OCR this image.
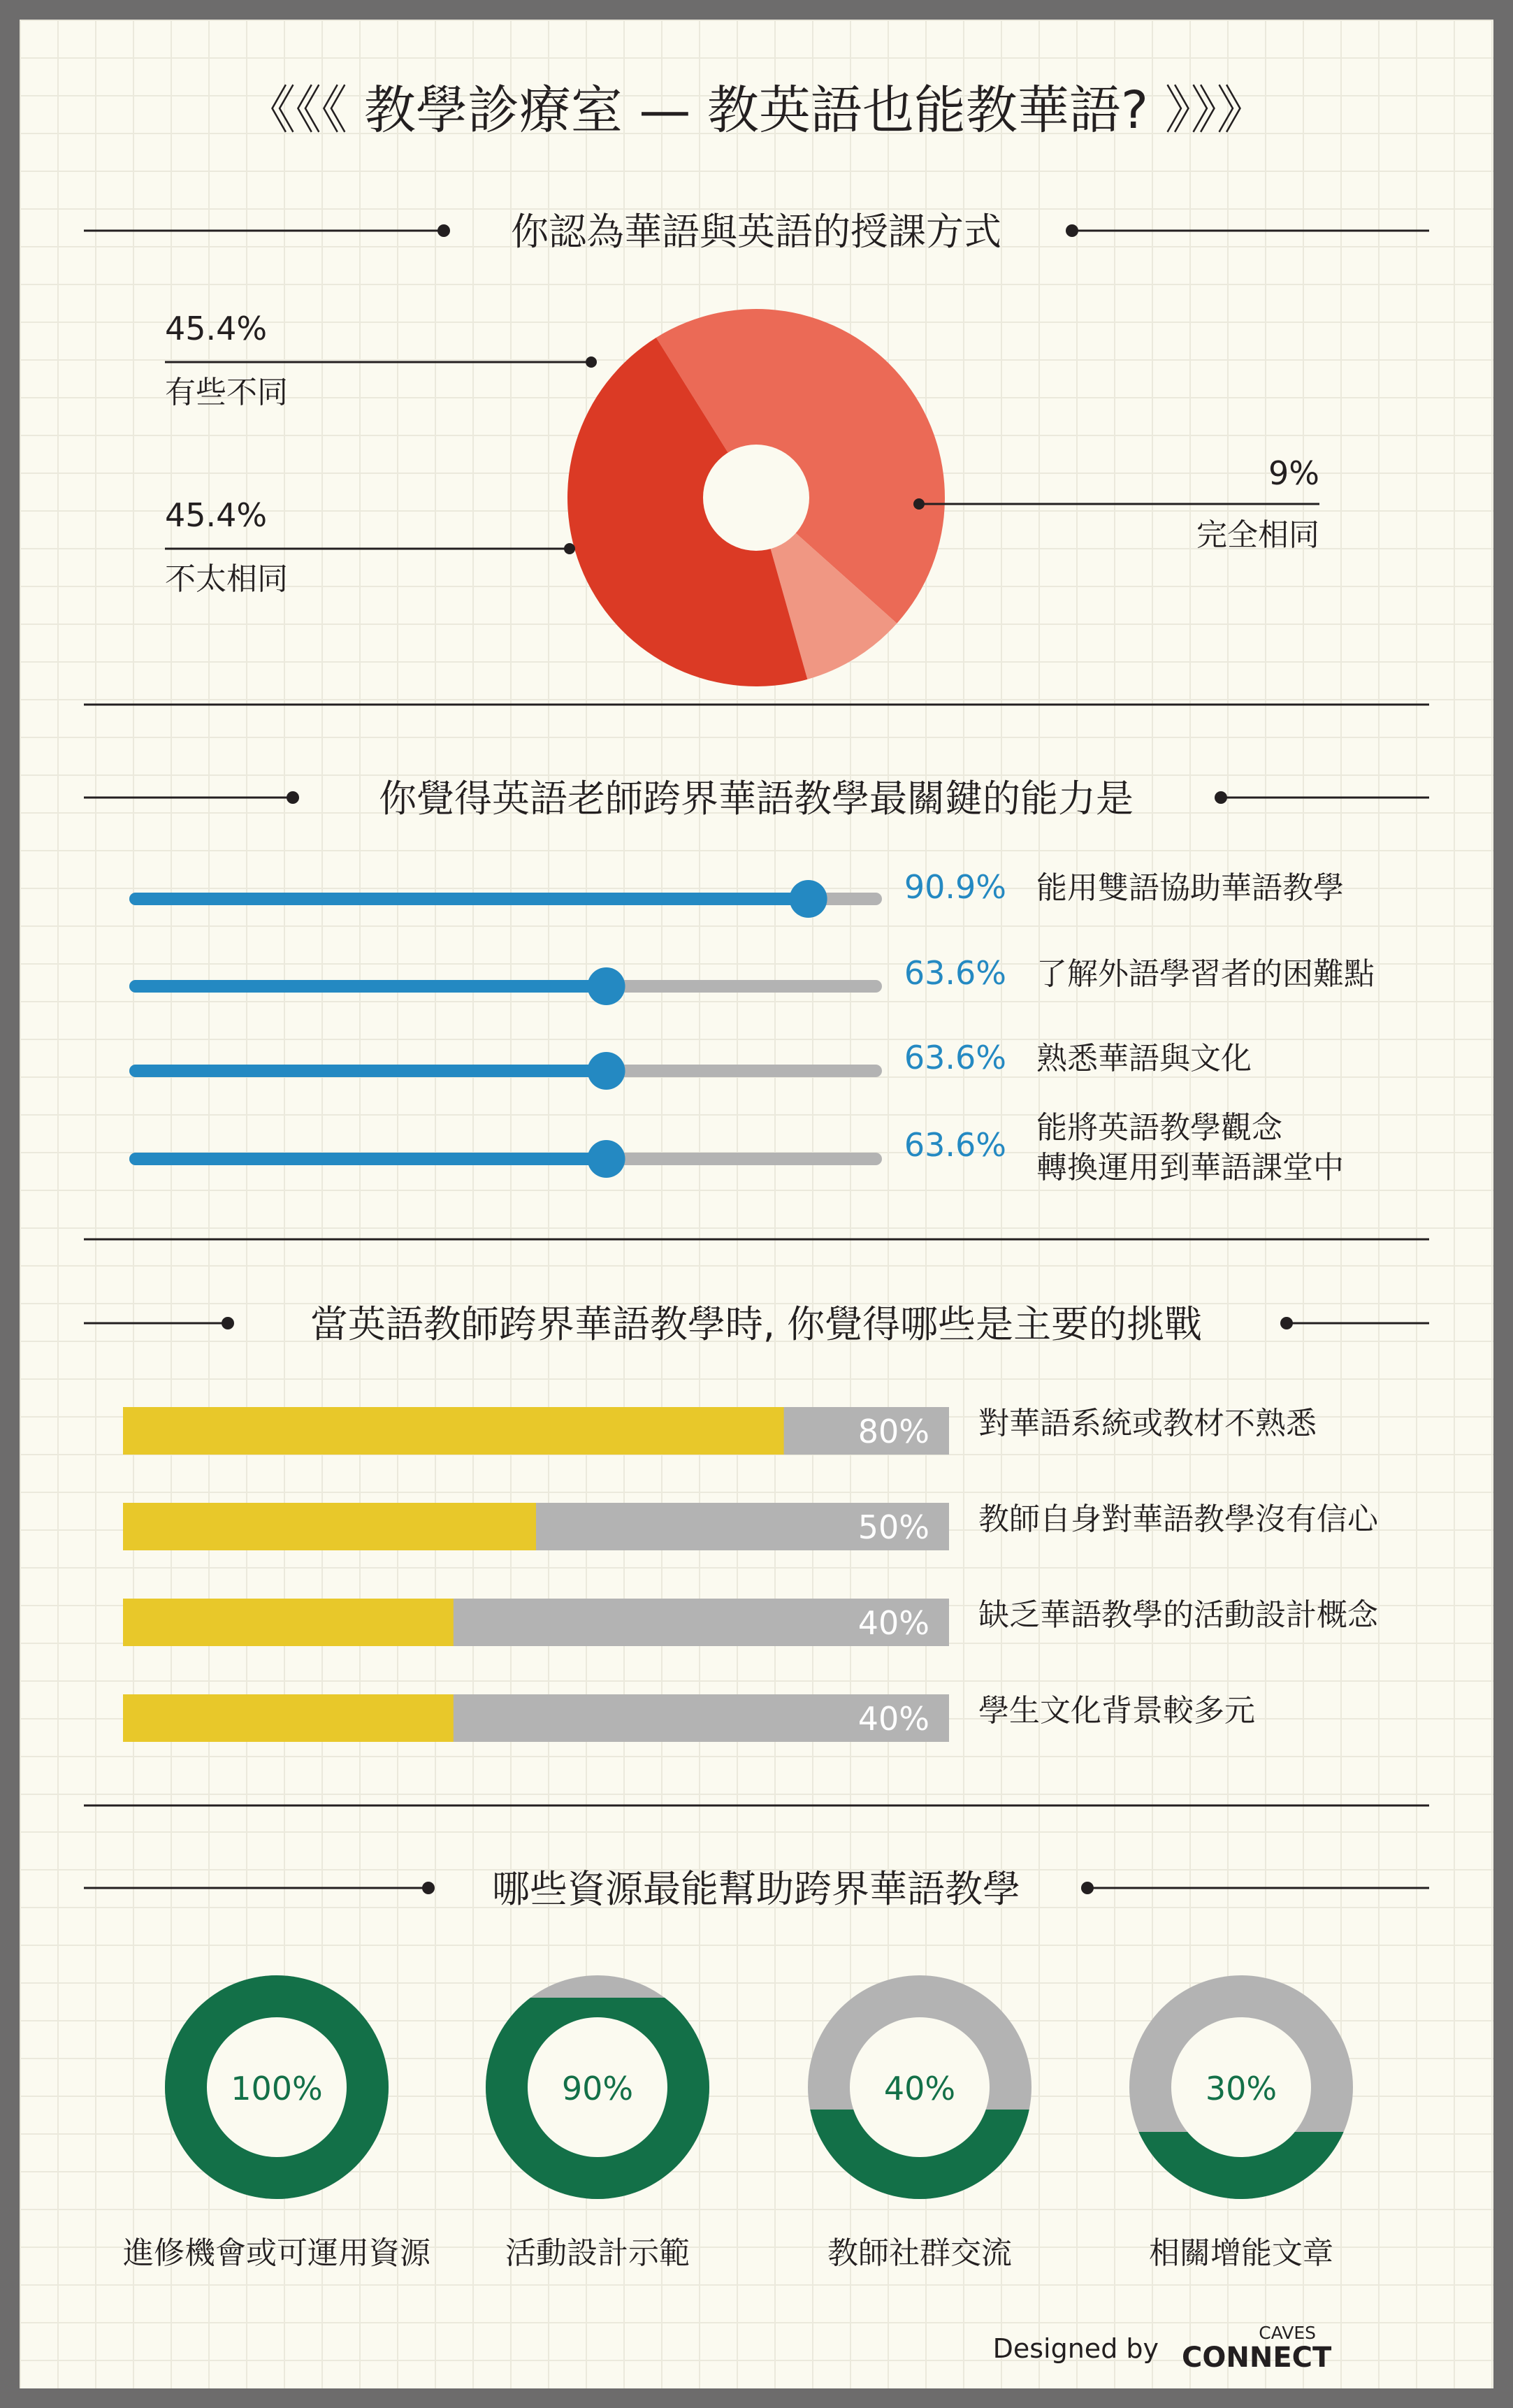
《《《 教學診療室 — 教英語也能教華語? 》》》
你認為華語與英語的授課方式
45.4%
有些不同
45.4%
不太相同
9%
完全相同
你覺得英語老師跨界華語教學最關鍵的能力是
90.9% 能用雙語協助華語教學
63.6% 了解外語學習者的困難點
63.6% 熟悉華語與文化
63.6% 能將英語教學觀念
轉換運用到華語課堂中
當英語教師跨界華語教學時, 你覺得哪些是主要的挑戰
80%
50%
40%
40%
對華語系統或教材不熟悉
教師自身對華語教學沒有信心
缺乏華語教學的活動設計概念
學生文化背景較多元
哪些資源最能幫助跨界華語教學
100%
進修機會或可運用資源
90%
活動設計示範
40%
教師社群交流
30%
相關增能文章
Designed by
CAVES
CONNECT
